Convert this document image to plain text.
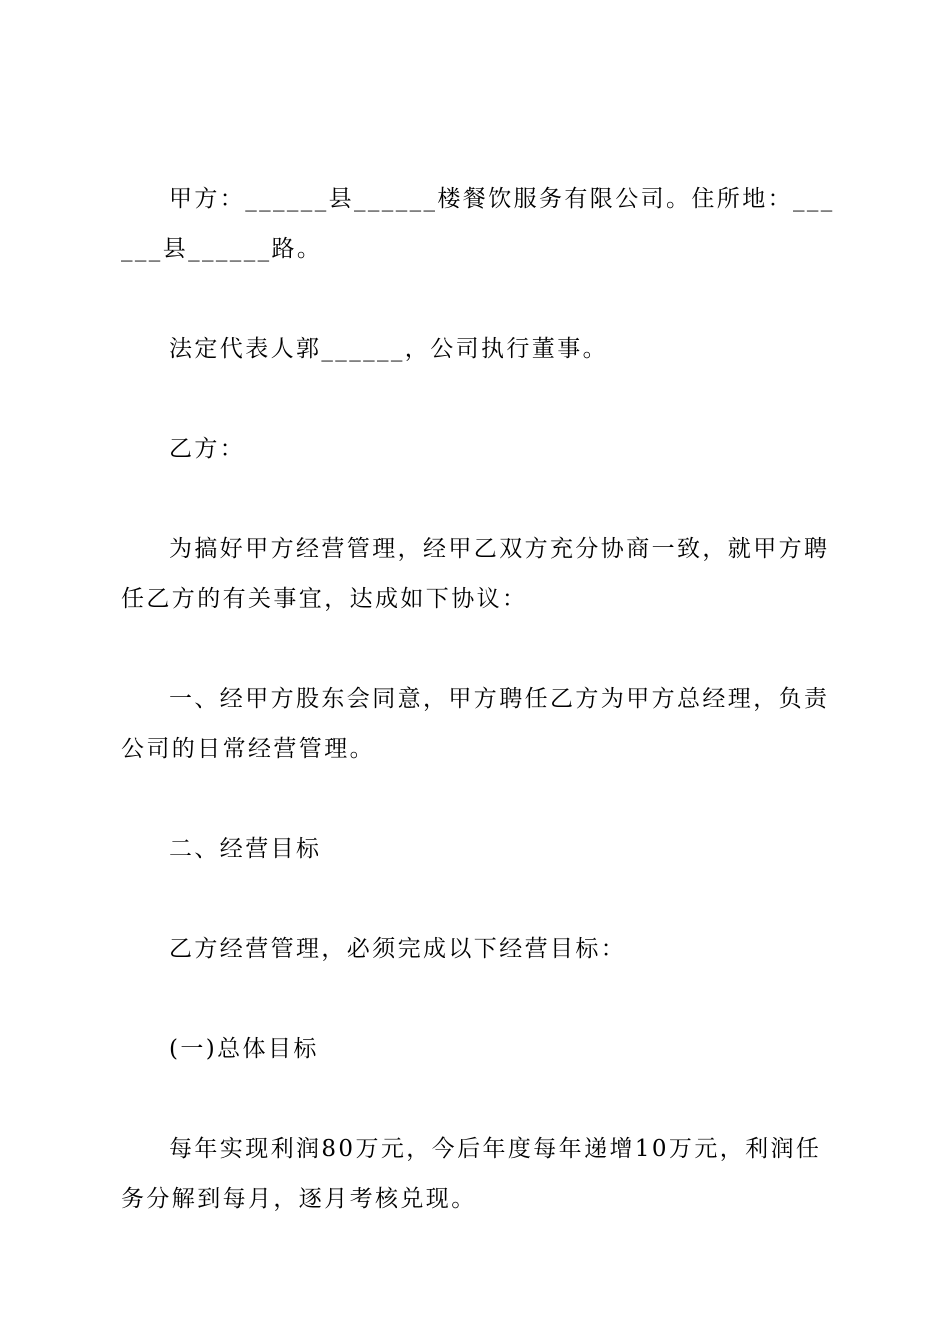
甲方：______县______楼餐饮服务有限公司。住所地：______县______路。

法定代表人郭______，公司执行董事。

乙方：

为搞好甲方经营管理，经甲乙双方充分协商一致，就甲方聘任乙方的有关事宜，达成如下协议：

一、经甲方股东会同意，甲方聘任乙方为甲方总经理，负责公司的日常经营管理。

二、经营目标

乙方经营管理，必须完成以下经营目标：

(一)总体目标

每年实现利润80万元，今后年度每年递增10万元，利润任务分解到每月，逐月考核兑现。
